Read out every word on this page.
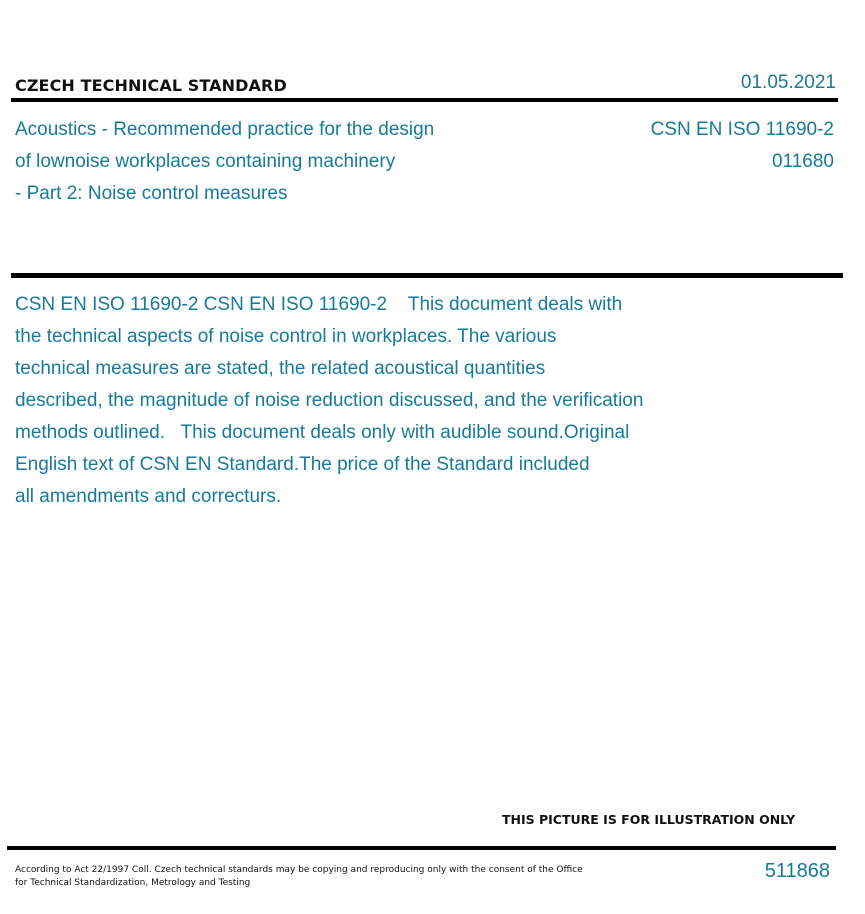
CZECH TECHNICAL STANDARD	01.05.2021
Acoustics - Recommended practice for the design
of lownoise workplaces containing machinery
- Part 2: Noise control measures
CSN EN ISO 11690-2
011680
CSN EN ISO 11690-2 CSN EN ISO 11690-2    This document deals with
the technical aspects of noise control in workplaces. The various
technical measures are stated, the related acoustical quantities
described, the magnitude of noise reduction discussed, and the verification
methods outlined.   This document deals only with audible sound.Original
English text of CSN EN Standard.The price of the Standard included
all amendments and correcturs.
THIS PICTURE IS FOR ILLUSTRATION ONLY
According to Act 22/1997 Coll. Czech technical standards may be copying and reproducing only with the consent of the Office
for Technical Standardization, Metrology and Testing
511868
